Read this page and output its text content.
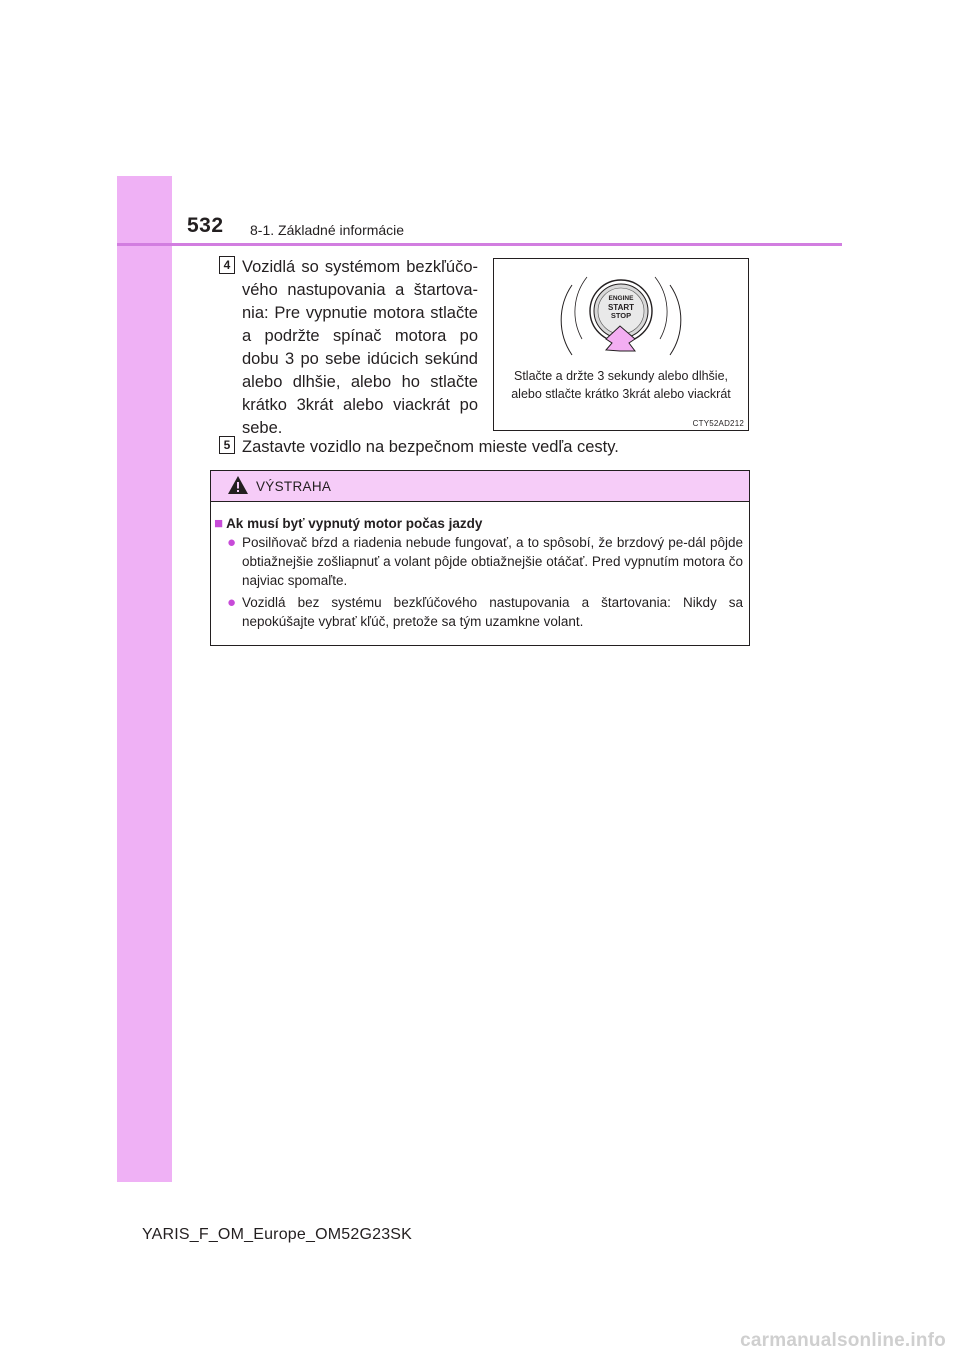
532 8-1. Základné informácie
4 Vozidlá so systémom bezkľúčo-vého nastupovania a štartova-nia: Pre vypnutie motora stlačte a podržte spínač motora po dobu 3 po sebe idúcich sekúnd alebo dlhšie, alebo ho stlačte krátko 3krát alebo viackrát po sebe.
ENGINE
START
STOP
Stlačte a držte 3 sekundy alebo dlhšie,
alebo stlačte krátko 3krát alebo viackrát
CTY52AD212
5 Zastavte vozidlo na bezpečnom mieste vedľa cesty.
VÝSTRAHA
■ Ak musí byť vypnutý motor počas jazdy
● Posilňovač bŕzd a riadenia nebude fungovať, a to spôsobí, že brzdový pe-dál pôjde obtiažnejšie zošliapnuť a volant pôjde obtiažnejšie otáčať. Pred vypnutím motora čo najviac spomaľte.
● Vozidlá bez systému bezkľúčového nastupovania a štartovania: Nikdy sa nepokúšajte vybrať kľúč, pretože sa tým uzamkne volant.
YARIS_F_OM_Europe_OM52G23SK
carmanualsonline.info
